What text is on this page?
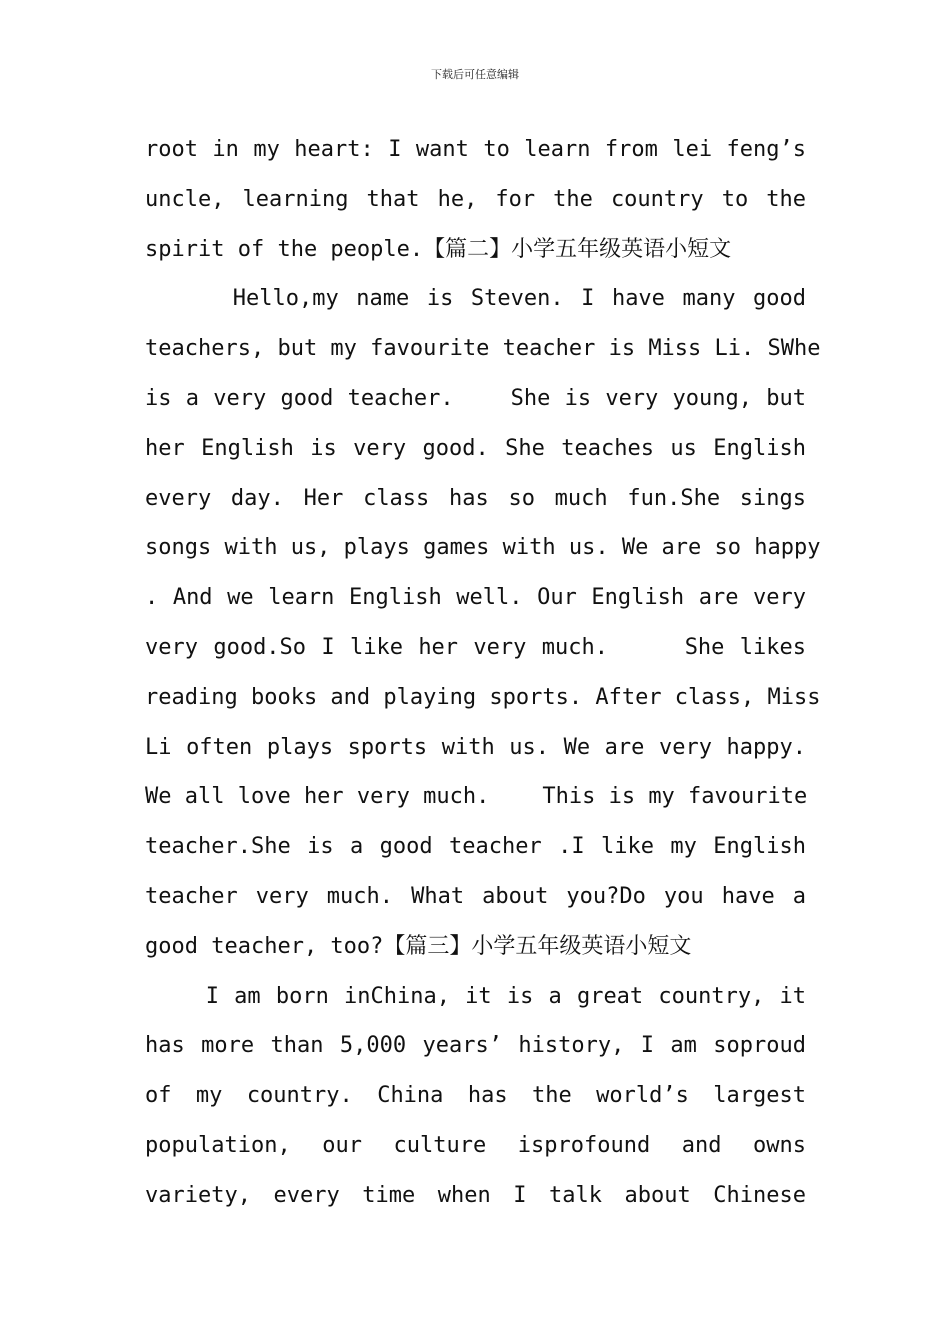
下载后可任意编辑
root in my heart: I want to learn from lei feng’s
uncle, learning that he, for the country to the
spirit of the people.【篇二】小学五年级英语小短文
Hello,my name is Steven. I have many good
teachers, but my favourite teacher is Miss Li. SWhe
is a very good teacher.    She is very young, but
her English is very good. She teaches us English
every day. Her class has so much fun.She sings
songs with us, plays games with us. We are so happy
. And we learn English well. Our English are very
very good.So I like her very much.     She likes
reading books and playing sports. After class, Miss
Li often plays sports with us. We are very happy.
We all love her very much.    This is my favourite
teacher.She is a good teacher .I like my English
teacher very much. What about you?Do you have a
good teacher, too?【篇三】小学五年级英语小短文
I am born inChina, it is a great country, it
has more than 5,000 years’ history, I am soproud
of my country. China has the world’s largest
population, our culture isprofound and owns
variety, every time when I talk about Chinese
